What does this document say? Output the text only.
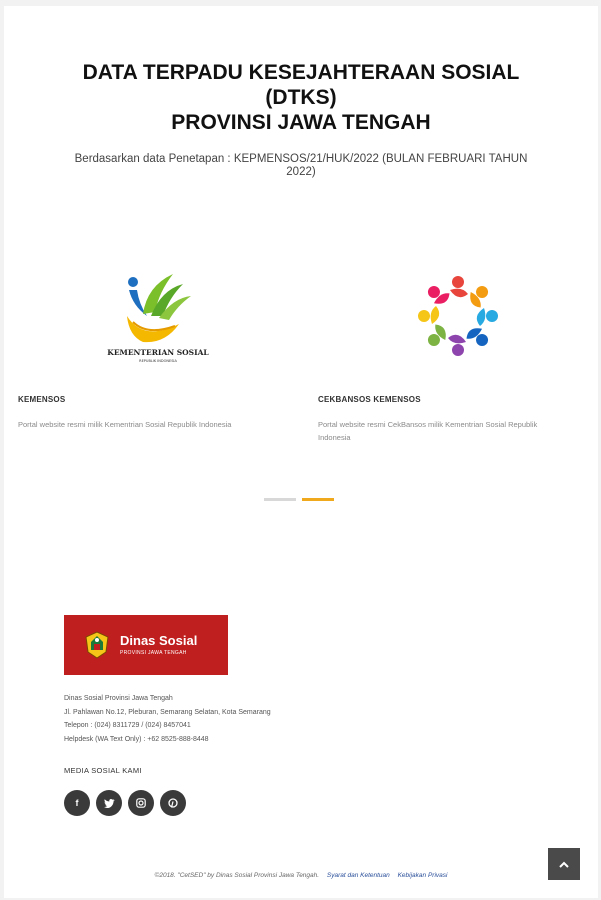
DATA TERPADU KESEJAHTERAAN SOSIAL
(DTKS)
PROVINSI JAWA TENGAH
Berdasarkan data Penetapan : KEPMENSOS/21/HUK/2022 (BULAN FEBRUARI TAHUN 2022)
KEMENTERIAN SOSIAL
REPUBLIK INDONESIA
KEMENSOS
Portal website resmi milik Kementrian Sosial Republik Indonesia
CEKBANSOS KEMENSOS
Portal website resmi CekBansos milik Kementrian Sosial Republik Indonesia
Dinas Sosial
PROVINSI JAWA TENGAH
Dinas Sosial Provinsi Jawa Tengah
Jl. Pahlawan No.12, Pleburan, Semarang Selatan, Kota Semarang
Telepon : (024) 8311729 / (024) 8457041
Helpdesk (WA Text Only) : +62 8525-888-8448
MEDIA SOSIAL KAMI
f
©2018. "CetSED" by Dinas Sosial Provinsi Jawa Tengah. Syarat dan Ketentuan Kebijakan Privasi
